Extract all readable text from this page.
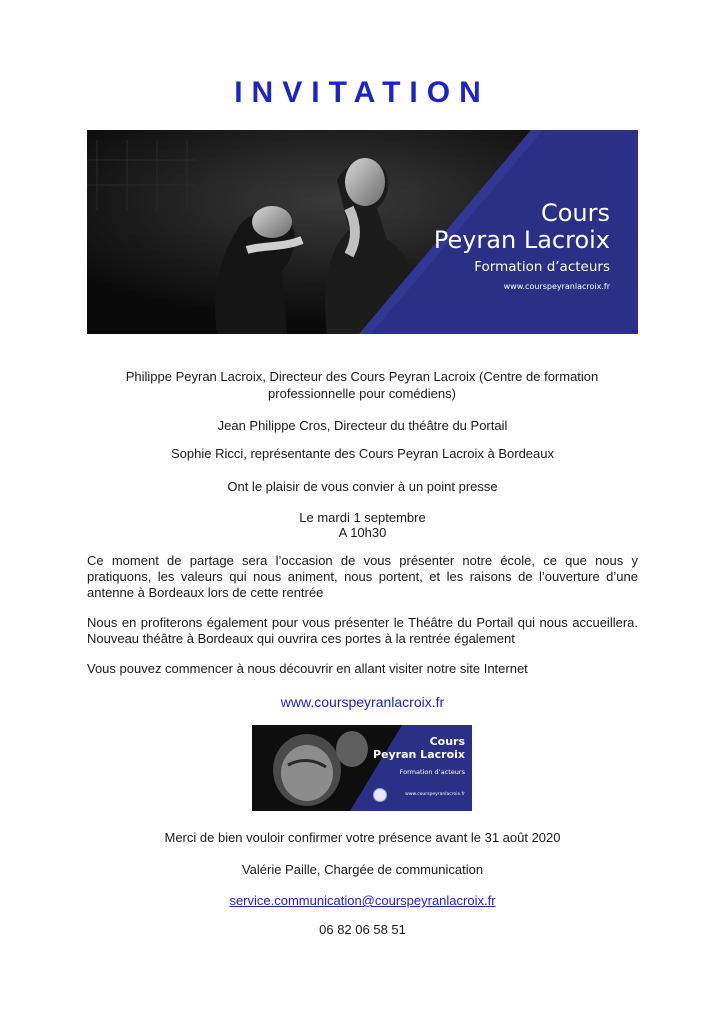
INVITATION
Cours
Peyran Lacroix
Formation d’acteurs
www.courspeyranlacroix.fr
Philippe Peyran Lacroix, Directeur des Cours Peyran Lacroix (Centre de formation professionnelle pour comédiens)
Jean Philippe Cros, Directeur du théâtre du Portail
Sophie Ricci, représentante des Cours Peyran Lacroix à Bordeaux
Ont le plaisir de vous convier à un point presse
Le mardi 1 septembre
A 10h30
Ce moment de partage sera l’occasion de vous présenter notre école, ce que nous y pratiquons, les valeurs qui nous animent, nous portent, et les raisons de l’ouverture d’une antenne à Bordeaux lors de cette rentrée
Nous en profiterons également pour vous présenter le Théâtre du Portail qui nous accueillera. Nouveau théâtre à Bordeaux qui ouvrira ces portes à la rentrée également
Vous pouvez commencer à nous découvrir en allant visiter notre site Internet
www.courspeyranlacroix.fr
Cours
Peyran Lacroix
Formation d’acteurs
www.courspeyranlacroix.fr
Merci de bien vouloir confirmer votre présence avant le 31 août 2020
Valérie Paille, Chargée de communication
service.communication@courspeyranlacroix.fr
06 82 06 58 51
